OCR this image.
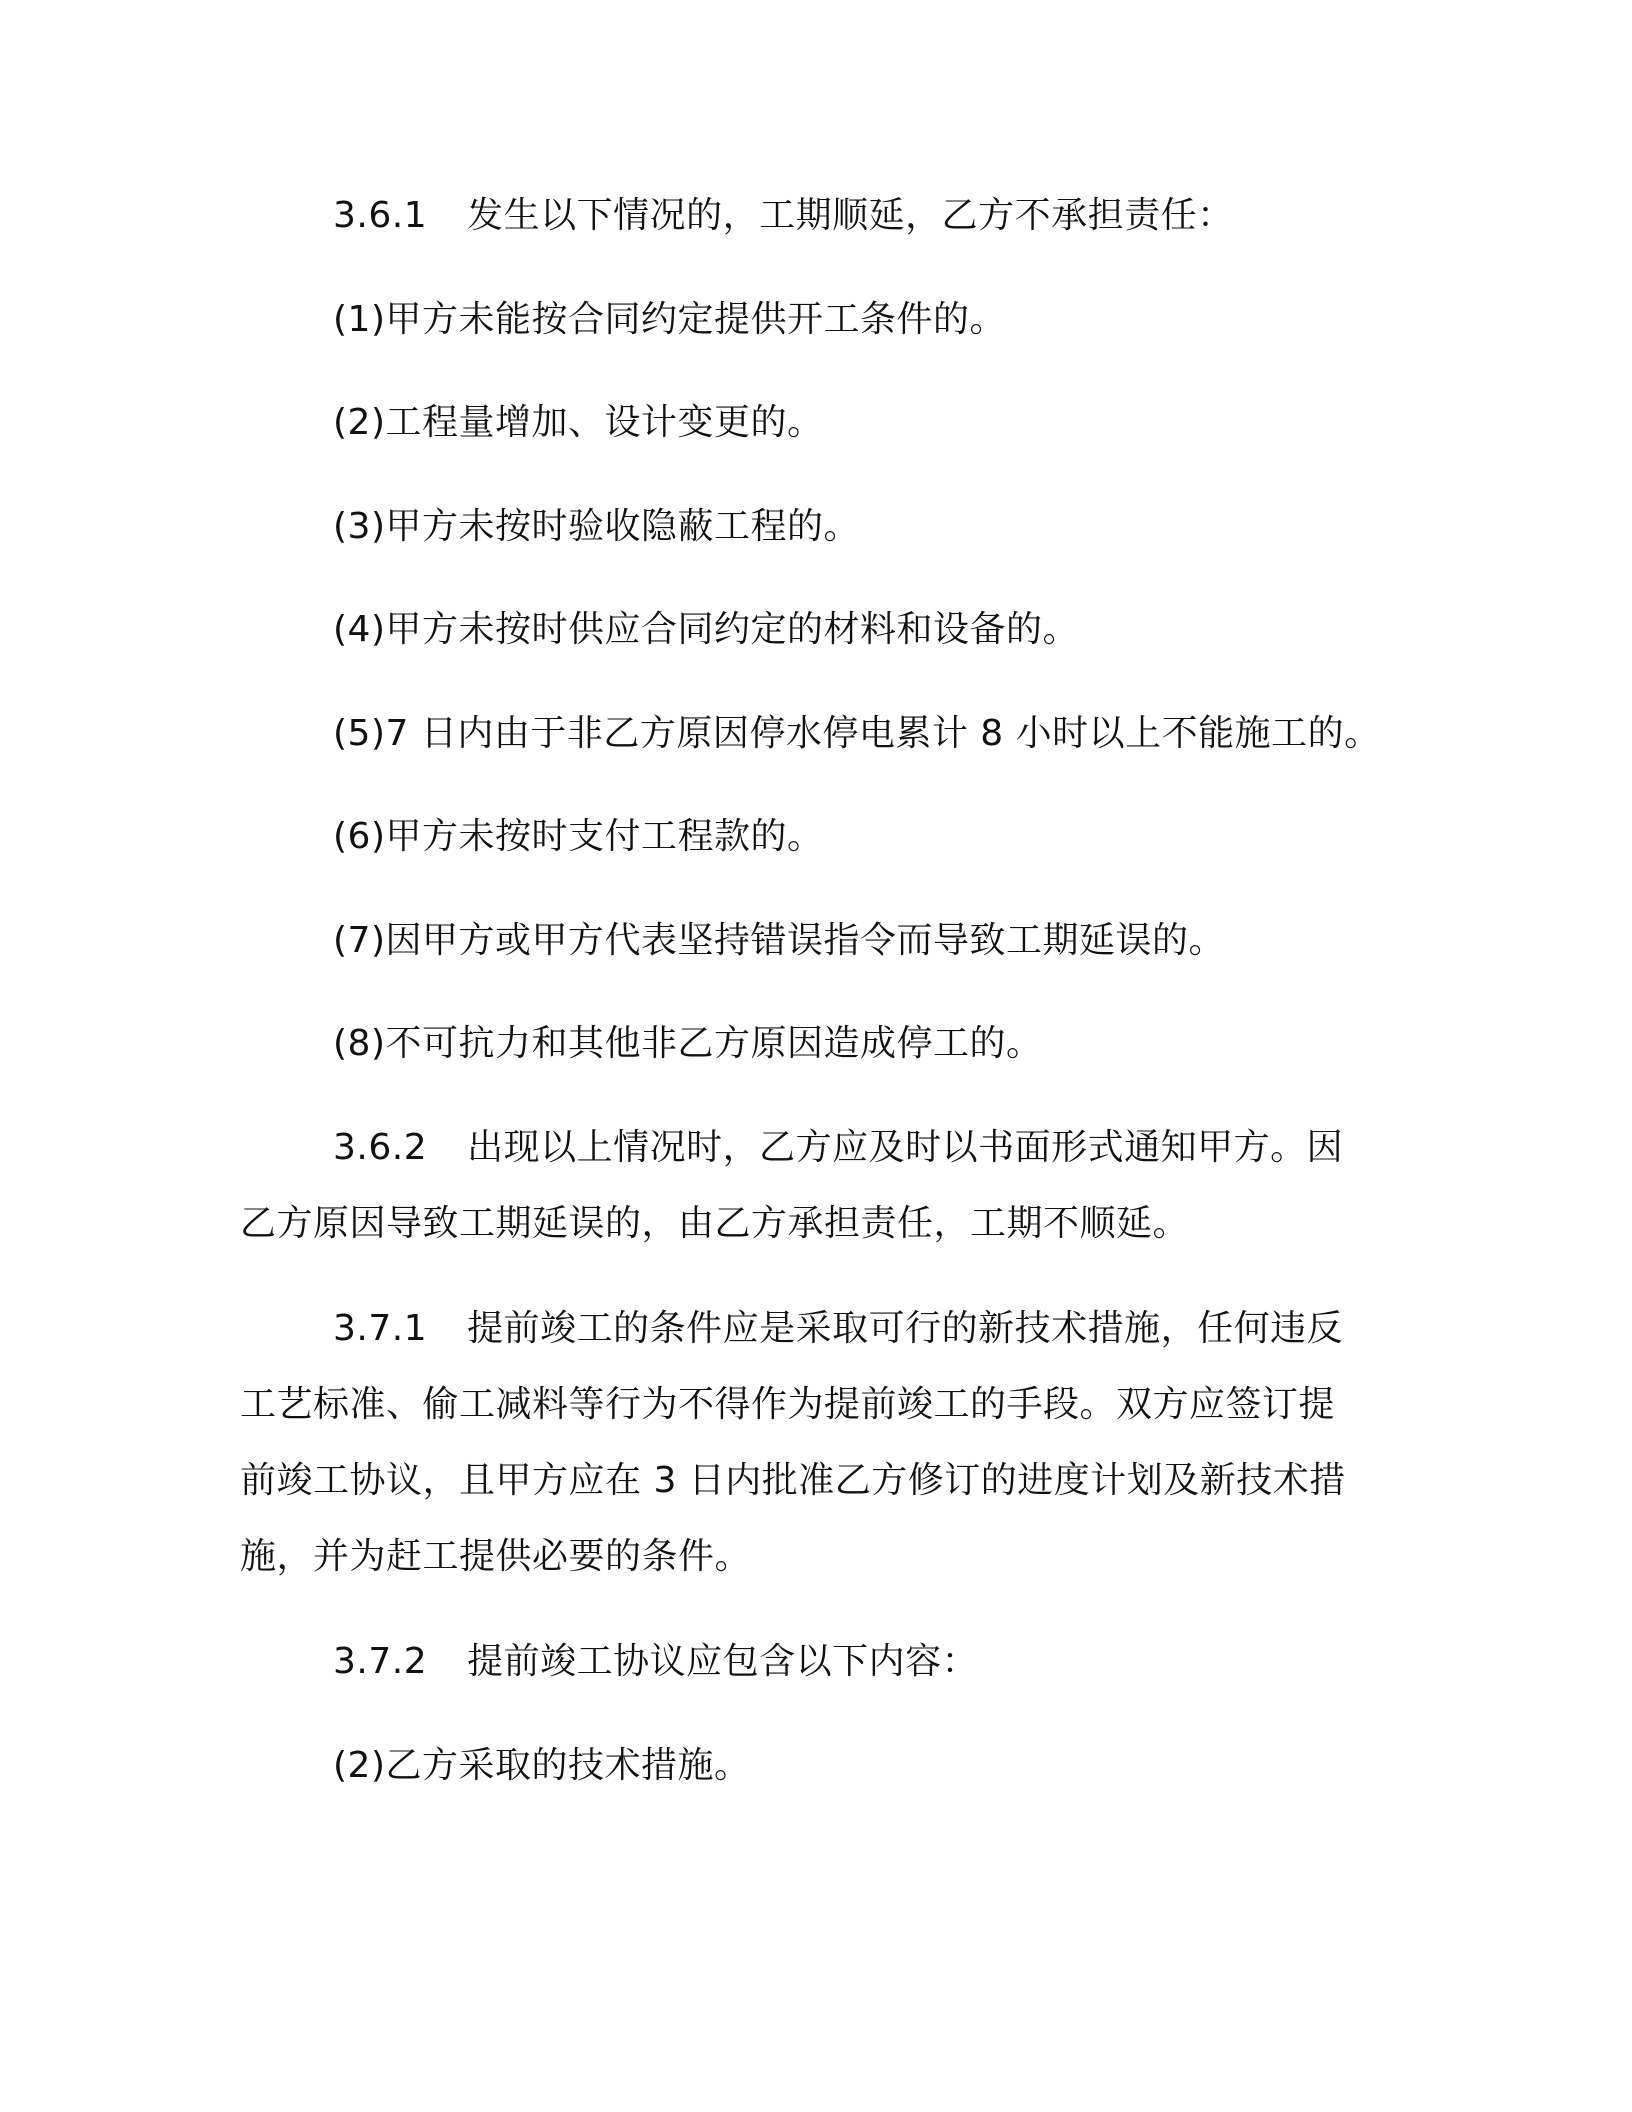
3.6.1 发生以下情况的，工期顺延，乙方不承担责任：
(1)甲方未能按合同约定提供开工条件的。
(2)工程量增加、设计变更的。
(3)甲方未按时验收隐蔽工程的。
(4)甲方未按时供应合同约定的材料和设备的。
(5)7 日内由于非乙方原因停水停电累计 8 小时以上不能施工的。
(6)甲方未按时支付工程款的。
(7)因甲方或甲方代表坚持错误指令而导致工期延误的。
(8)不可抗力和其他非乙方原因造成停工的。
3.6.2 出现以上情况时，乙方应及时以书面形式通知甲方。因
乙方原因导致工期延误的，由乙方承担责任，工期不顺延。
3.7.1 提前竣工的条件应是采取可行的新技术措施，任何违反
工艺标准、偷工减料等行为不得作为提前竣工的手段。双方应签订提
前竣工协议，且甲方应在 3 日内批准乙方修订的进度计划及新技术措
施，并为赶工提供必要的条件。
3.7.2 提前竣工协议应包含以下内容：
(2)乙方采取的技术措施。
